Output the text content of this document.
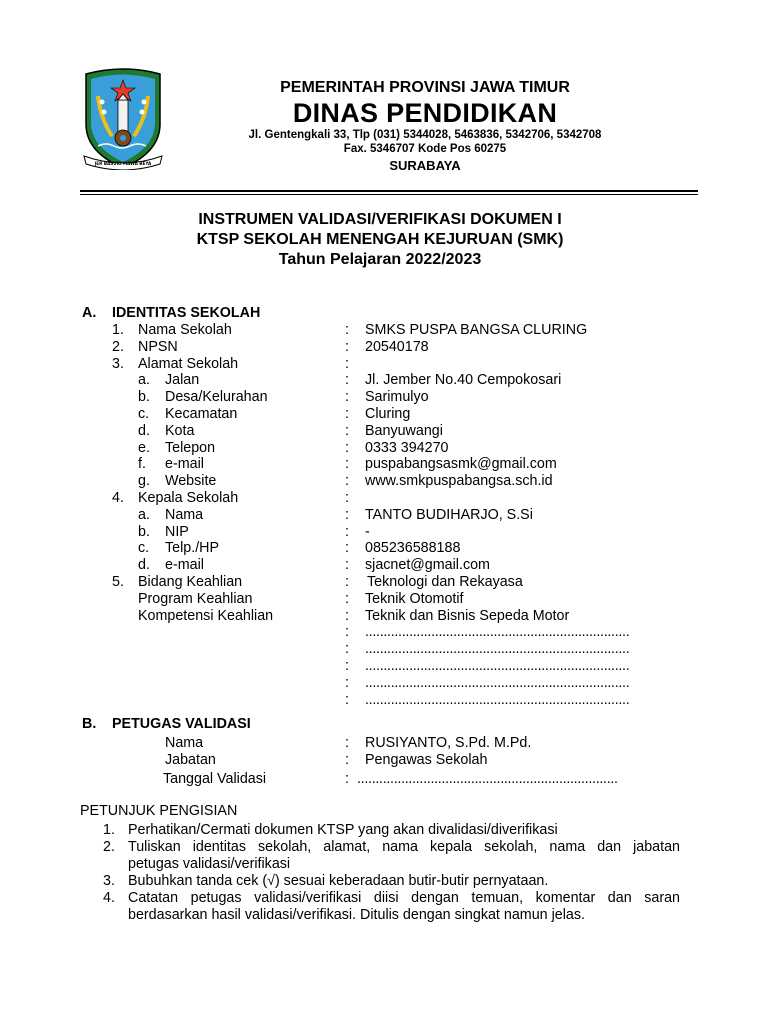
JER BASUKI MAWA BEYA
PEMERINTAH PROVINSI JAWA TIMUR
DINAS PENDIDIKAN
Jl. Gentengkali 33, Tlp (031) 5344028, 5463836, 5342706, 5342708
Fax. 5346707 Kode Pos 60275
SURABAYA
INSTRUMEN VALIDASI/VERIFIKASI DOKUMEN I
KTSP SEKOLAH MENENGAH KEJURUAN (SMK)
Tahun Pelajaran 2022/2023
A. IDENTITAS SEKOLAH
1. Nama Sekolah	: SMKS PUSPA BANGSA CLURING
2. NPSN	: 20540178
3. Alamat Sekolah	:
a. Jalan	: Jl. Jember No.40 Cempokosari
b. Desa/Kelurahan	: Sarimulyo
c. Kecamatan	: Cluring
d. Kota	: Banyuwangi
e. Telepon	: 0333 394270
f. e-mail	: puspabangsasmk@gmail.com
g. Website	: www.smkpuspabangsa.sch.id
4. Kepala Sekolah	:
a. Nama	: TANTO BUDIHARJO, S.Si
b. NIP	: -
c. Telp./HP	: 085236588188
d. e-mail	: sjacnet@gmail.com
5. Bidang Keahlian	: Teknologi dan Rekayasa
Program Keahlian	: Teknik Otomotif
Kompetensi Keahlian	: Teknik dan Bisnis Sepeda Motor
: ........................................................................
: ........................................................................
: ........................................................................
: ........................................................................
: ........................................................................
B. PETUGAS VALIDASI
Nama	: RUSIYANTO, S.Pd. M.Pd.
Jabatan	: Pengawas Sekolah
Tanggal Validasi	: .......................................................................
PETUNJUK PENGISIAN
1. Perhatikan/Cermati dokumen KTSP yang akan divalidasi/diverifikasi
2. Tuliskan identitas sekolah, alamat, nama kepala sekolah, nama dan jabatan
petugas validasi/verifikasi
3. Bubuhkan tanda cek (√) sesuai keberadaan butir-butir pernyataan.
4. Catatan petugas validasi/verifikasi diisi dengan temuan, komentar dan saran
berdasarkan hasil validasi/verifikasi. Ditulis dengan singkat namun jelas.
